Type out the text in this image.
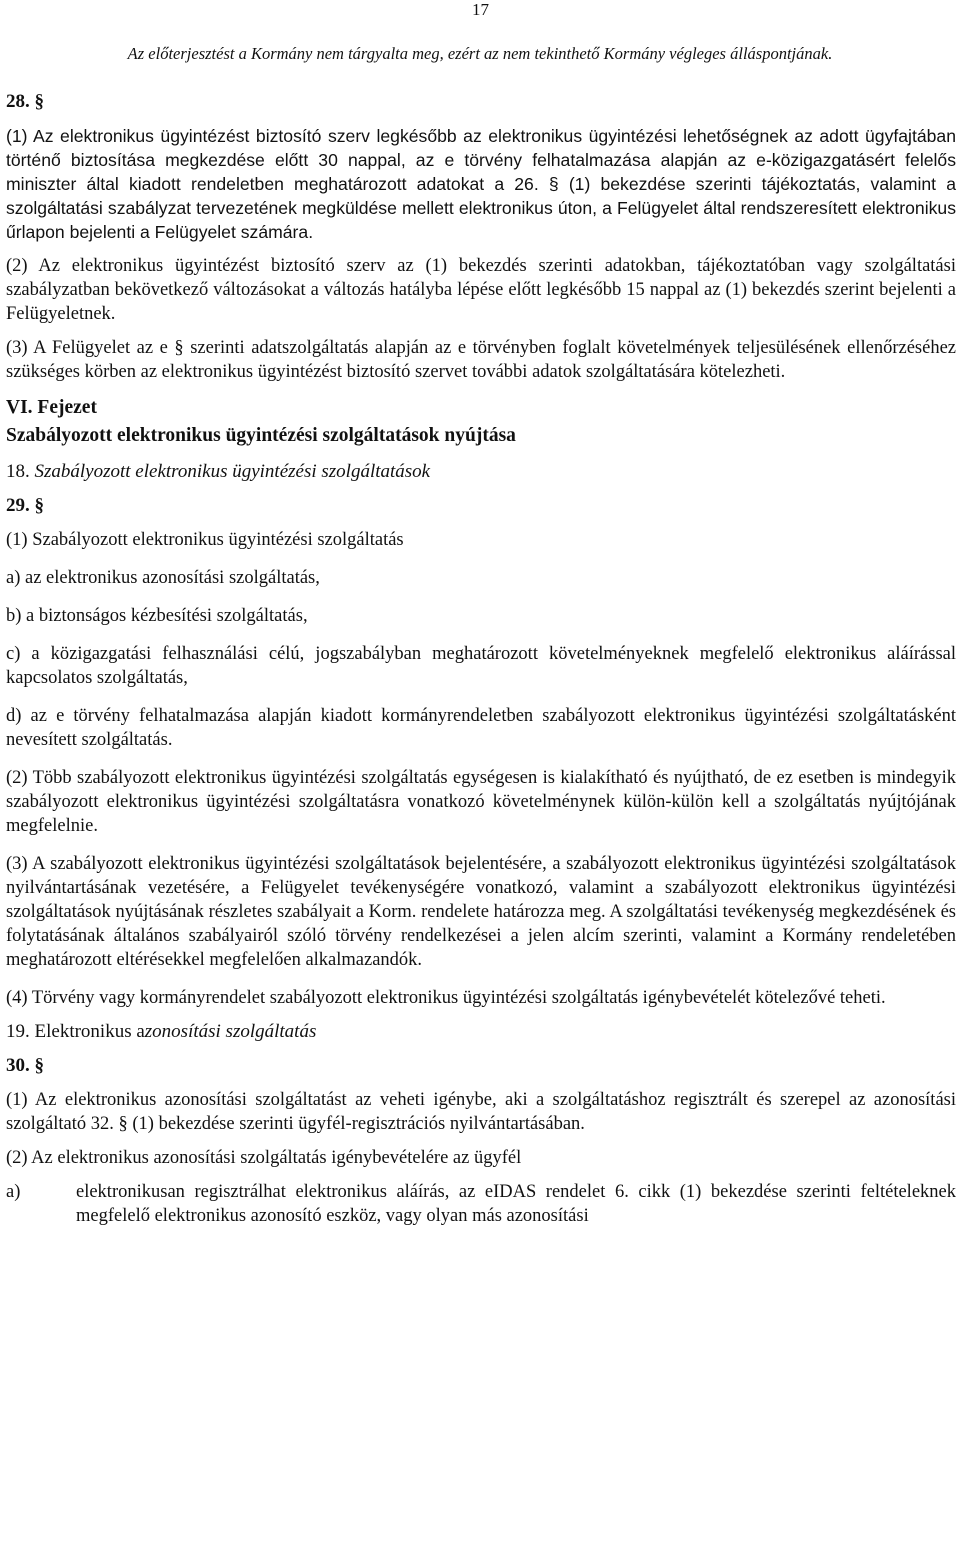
17
Az előterjesztést a Kormány nem tárgyalta meg, ezért az nem tekinthető Kormány végleges álláspontjának.
28. §

(1) Az elektronikus ügyintézést biztosító szerv legkésőbb az elektronikus ügyintézési lehetőségnek az adott ügyfajtában történő biztosítása megkezdése előtt 30 nappal, az e törvény felhatalmazása alapján az e-közigazgatásért felelős miniszter által kiadott rendeletben meghatározott adatokat a 26. § (1) bekezdése szerinti tájékoztatás, valamint a szolgáltatási szabályzat tervezetének megküldése mellett elektronikus úton, a Felügyelet által rendszeresített elektronikus űrlapon bejelenti a Felügyelet számára.

(2) Az elektronikus ügyintézést biztosító szerv az (1) bekezdés szerinti adatokban, tájékoztatóban vagy szolgáltatási szabályzatban bekövetkező változásokat a változás hatályba lépése előtt legkésőbb 15 nappal az (1) bekezdés szerint bejelenti a Felügyeletnek.

(3) A Felügyelet az e § szerinti adatszolgáltatás alapján az e törvényben foglalt követelmények teljesülésének ellenőrzéséhez szükséges körben az elektronikus ügyintézést biztosító szervet további adatok szolgáltatására kötelezheti.

VI. Fejezet
Szabályozott elektronikus ügyintézési szolgáltatások nyújtása
18. Szabályozott elektronikus ügyintézési szolgáltatások
29. §

(1) Szabályozott elektronikus ügyintézési szolgáltatás

a) az elektronikus azonosítási szolgáltatás,

b) a biztonságos kézbesítési szolgáltatás,

c) a közigazgatási felhasználási célú, jogszabályban meghatározott követelményeknek megfelelő elektronikus aláírással kapcsolatos szolgáltatás,

d) az e törvény felhatalmazása alapján kiadott kormányrendeletben szabályozott elektronikus ügyintézési szolgáltatásként nevesített szolgáltatás.

(2) Több szabályozott elektronikus ügyintézési szolgáltatás egységesen is kialakítható és nyújtható, de ez esetben is mindegyik szabályozott elektronikus ügyintézési szolgáltatásra vonatkozó követelménynek külön-külön kell a szolgáltatás nyújtójának megfelelnie.

(3) A szabályozott elektronikus ügyintézési szolgáltatások bejelentésére, a szabályozott elektronikus ügyintézési szolgáltatások nyilvántartásának vezetésére, a Felügyelet tevékenységére vonatkozó, valamint a szabályozott elektronikus ügyintézési szolgáltatások nyújtásának részletes szabályait a Korm. rendelete határozza meg. A szolgáltatási tevékenység megkezdésének és folytatásának általános szabályairól szóló törvény rendelkezései a jelen alcím szerinti, valamint a Kormány rendeletében meghatározott eltérésekkel megfelelően alkalmazandók.

(4) Törvény vagy kormányrendelet szabályozott elektronikus ügyintézési szolgáltatás igénybevételét kötelezővé teheti.

19. Elektronikus azonosítási szolgáltatás
30. §

(1) Az elektronikus azonosítási szolgáltatást az veheti igénybe, aki a szolgáltatáshoz regisztrált és szerepel az azonosítási szolgáltató 32. § (1) bekezdése szerinti ügyfél-regisztrációs nyilvántartásában.

(2) Az elektronikus azonosítási szolgáltatás igénybevételére az ügyfél

a)	elektronikusan regisztrálhat elektronikus aláírás, az eIDAS rendelet 6. cikk (1) bekezdése szerinti feltételeknek megfelelő elektronikus azonosító eszköz, vagy olyan más azonosítási
